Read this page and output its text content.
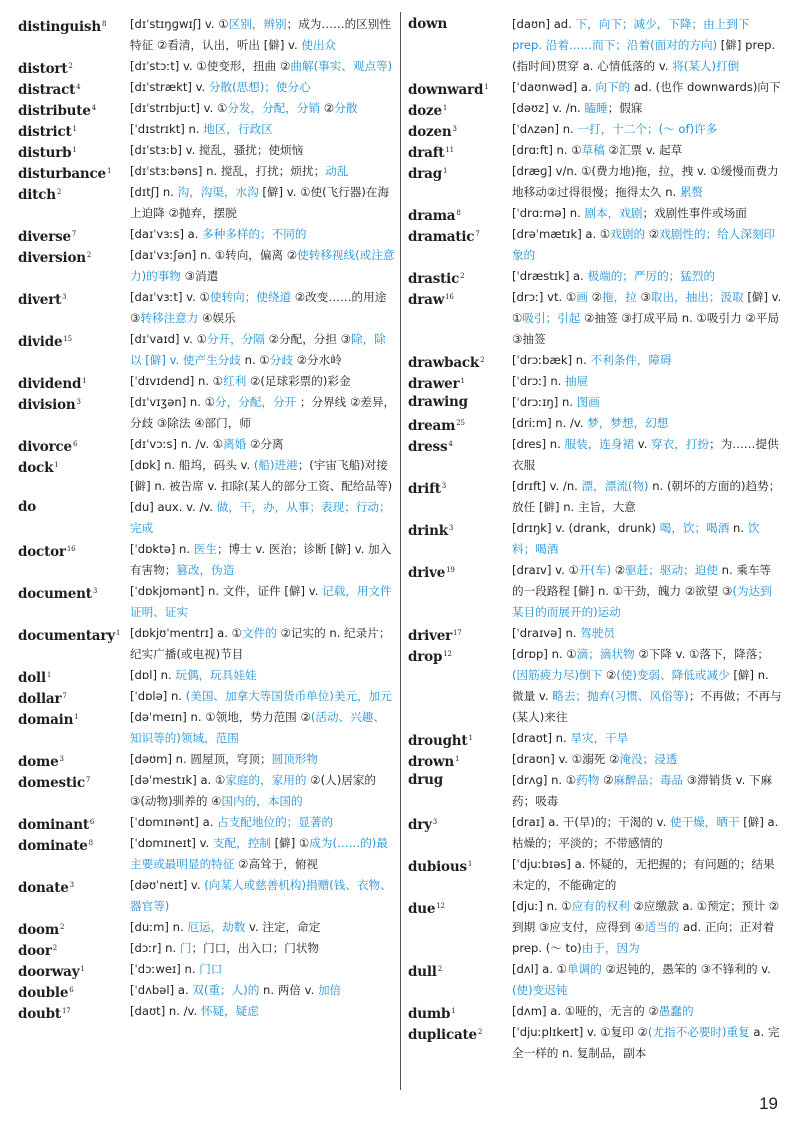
distinguish$^8$ [dɪˈstɪŋɡwɪʃ] v. ①区别，辨别；成为……的区别性特征 ②看清，认出，听出 [僻] v. 使出众
distort$^2$	[dɪˈstɔːt] v. ①使变形，扭曲 ②曲解(事实、观点等)
distract$^4$	[dɪˈstrækt] v. 分散(思想)；使分心
distribute$^4$	[dɪˈstrɪbjuːt] v. ①分发，分配，分销 ②分散
district$^1$	[ˈdɪstrɪkt] n. 地区，行政区
disturb$^1$	[dɪˈstɜːb] v. 搅乱，骚扰；使烦恼
disturbance$^1$ [dɪˈstɜːbəns] n. 搅乱，打扰；烦扰；动乱
ditch$^2$	[dɪtʃ] n. 沟，沟渠，水沟 [僻] v. ①使(飞行器)在海上迫降 ②抛弃，摆脱
diverse$^7$	[daɪˈvɜːs] a. 多种多样的；不同的
diversion$^2$	[daɪˈvɜːʃən] n. ①转向，偏离 ②使转移视线(或注意力)的事物 ③消遣
divert$^3$	[daɪˈvɜːt] v. ①使转向；使绕道 ②改变……的用途 ③转移注意力 ④娱乐
divide$^{15}$	[dɪˈvaɪd] v. ①分开，分隔 ②分配，分担 ③除，除以 [僻] v. 使产生分歧 n. ①分歧 ②分水岭
dividend$^1$	[ˈdɪvɪdend] n. ①红利 ②(足球彩票的)彩金
division$^3$	[dɪˈvɪʒən] n. ①分，分配，分开 ；分界线 ②差异，分歧 ③除法 ④部门，师
divorce$^6$	[dɪˈvɔːs] n. /v. ①离婚 ②分离
dock$^1$	[dɒk] n. 船坞，码头 v. (船)进港；(宇宙飞船)对接 [僻] n. 被告席 v. 扣除(某人的部分工资、配给品等)
do	[du] aux. v. /v. 做，干，办，从事；表现；行动；完成
doctor$^{16}$	[ˈdɒktə] n. 医生；博士 v. 医治；诊断 [僻] v. 加入有害物；篡改，伪造
document$^3$	[ˈdɒkjʊmənt] n. 文件，证件 [僻] v. 记载，用文件证明、证实
documentary$^1$ [dɒkjʊˈmentrɪ] a. ①文件的 ②记实的 n. 纪录片；纪实广播(或电视)节目
doll$^1$	[dɒl] n. 玩偶，玩具娃娃
dollar$^7$	[ˈdɒlə] n. (美国、加拿大等国货币单位)美元，加元
domain$^1$	[dəˈmeɪn] n. ①领地，势力范围 ②(活动、兴趣、知识等的)领域，范围
dome$^3$	[dəʊm] n. 圆屋顶，穹顶；圆顶形物
domestic$^7$	[dəˈmestɪk] a. ①家庭的，家用的 ②(人)居家的 ③(动物)驯养的 ④国内的，本国的
dominant$^6$	[ˈdɒmɪnənt] a. 占支配地位的；显著的
dominate$^8$	[ˈdɒmɪneɪt] v. 支配，控制 [僻] ①成为(……的)最主要或最明显的特征 ②高耸于，俯视
donate$^3$	[dəʊˈneɪt] v. (向某人或慈善机构)捐赠(钱、衣物、器官等)
doom$^2$	[duːm] n. 厄运，劫数 v. 注定，命定
door$^2$	[dɔːr] n. 门；门口，出入口；门状物
doorway$^1$	[ˈdɔːweɪ] n. 门口
double$^6$	[ˈdʌbəl] a. 双(重；人)的 n. 两倍 v. 加倍
doubt$^{17}$	[daʊt] n. /v. 怀疑，疑虑
down	[daʊn] ad. 下，向下；减少，下降；由上到下 prep. 沿着……而下；沿着(面对的方向) [僻] prep. (指时间)贯穿 a. 心情低落的 v. 将(某人)打倒
downward$^1$ [ˈdaʊnwəd] a. 向下的 ad. (也作 downwards)向下
doze$^1$	[dəʊz] v. /n. 瞌睡；假寐
dozen$^3$	[ˈdʌzən] n. 一打，十二个；(～ of)许多
draft$^{11}$	[drɑːft] n. ①草稿 ②汇票 v. 起草
drag$^1$	[dræɡ] v/n. ①(费力地)拖，拉，拽 v. ①缓慢而费力地移动②过得很慢；拖得太久 n. 累赘
drama$^8$	[ˈdrɑːmə] n. 剧本，戏剧；戏剧性事件或场面
dramatic$^7$	[drəˈmætɪk] a. ①戏剧的 ②戏剧性的；给人深刻印象的
drastic$^2$	[ˈdræstɪk] a. 极端的；严厉的；猛烈的
draw$^{16}$	[drɔː] vt. ①画 ②拖，拉 ③取出，抽出；汲取 [僻] v. ①吸引；引起 ②抽签 ③打成平局 n. ①吸引力 ②平局 ③抽签
drawback$^2$ [ˈdrɔːbæk] n. 不利条件，障碍
drawer$^1$	[ˈdrɔː] n. 抽屉
drawing	[ˈdrɔːɪŋ] n. 图画
dream$^{25}$	[driːm] n. /v. 梦，梦想，幻想
dress$^4$	[dres] n. 服装，连身裙 v. 穿衣，打扮；为……提供衣服
drift$^3$	[drɪft] v. /n. 漂，漂流(物) n. (朝坏的方面的)趋势；放任 [僻] n. 主旨，大意
drink$^3$	[drɪŋk] v. (drank，drunk) 喝，饮；喝酒 n. 饮料；喝酒
drive$^{19}$	[draɪv] v. ①开(车) ②驱赶；驱动；迫使 n. 乘车等的一段路程 [僻] n. ①干劲，魄力 ②欲望 ③(为达到某目的而展开的)运动
driver$^{17}$	[ˈdraɪvə] n. 驾驶员
drop$^{12}$	[drɒp] n. ①滴；滴状物 ②下降 v. ①落下，降落；(因筋疲力尽)倒下 ②(使)变弱、降低或减少 [僻] n. 微量 v. 略去；抛弃(习惯、风俗等)；不再做；不再与(某人)来往
drought$^1$	[draʊt] n. 旱灾，干旱
drown$^1$	[draʊn] v. ①溺死 ②淹没；浸透
drug	[drʌɡ] n. ①药物 ②麻醉品；毒品 ③滞销货 v. 下麻药；吸毒
dry$^3$	[draɪ] a. 干(旱)的；干渴的 v. 使干燥，晒干 [僻] a. 枯燥的；平淡的；不带感情的
dubious$^1$	[ˈdjuːbɪəs] a. 怀疑的，无把握的；有问题的；结果未定的，不能确定的
due$^{12}$	[djuː] n. ①应有的权利 ②应缴款 a. ①预定；预计 ②到期 ③应支付，应得到 ④适当的 ad. 正向；正对着 prep. (～ to)由于，因为
dull$^2$	[dʌl] a. ①单调的 ②迟钝的，愚笨的 ③不锋利的 v. (使)变迟钝
dumb$^1$	[dʌm] a. ①哑的，无言的 ②愚蠢的
duplicate$^2$	[ˈdjuːplɪkeɪt] v. ①复印 ②(尤指不必要时)重复 a. 完全一样的 n. 复制品，副本
19
